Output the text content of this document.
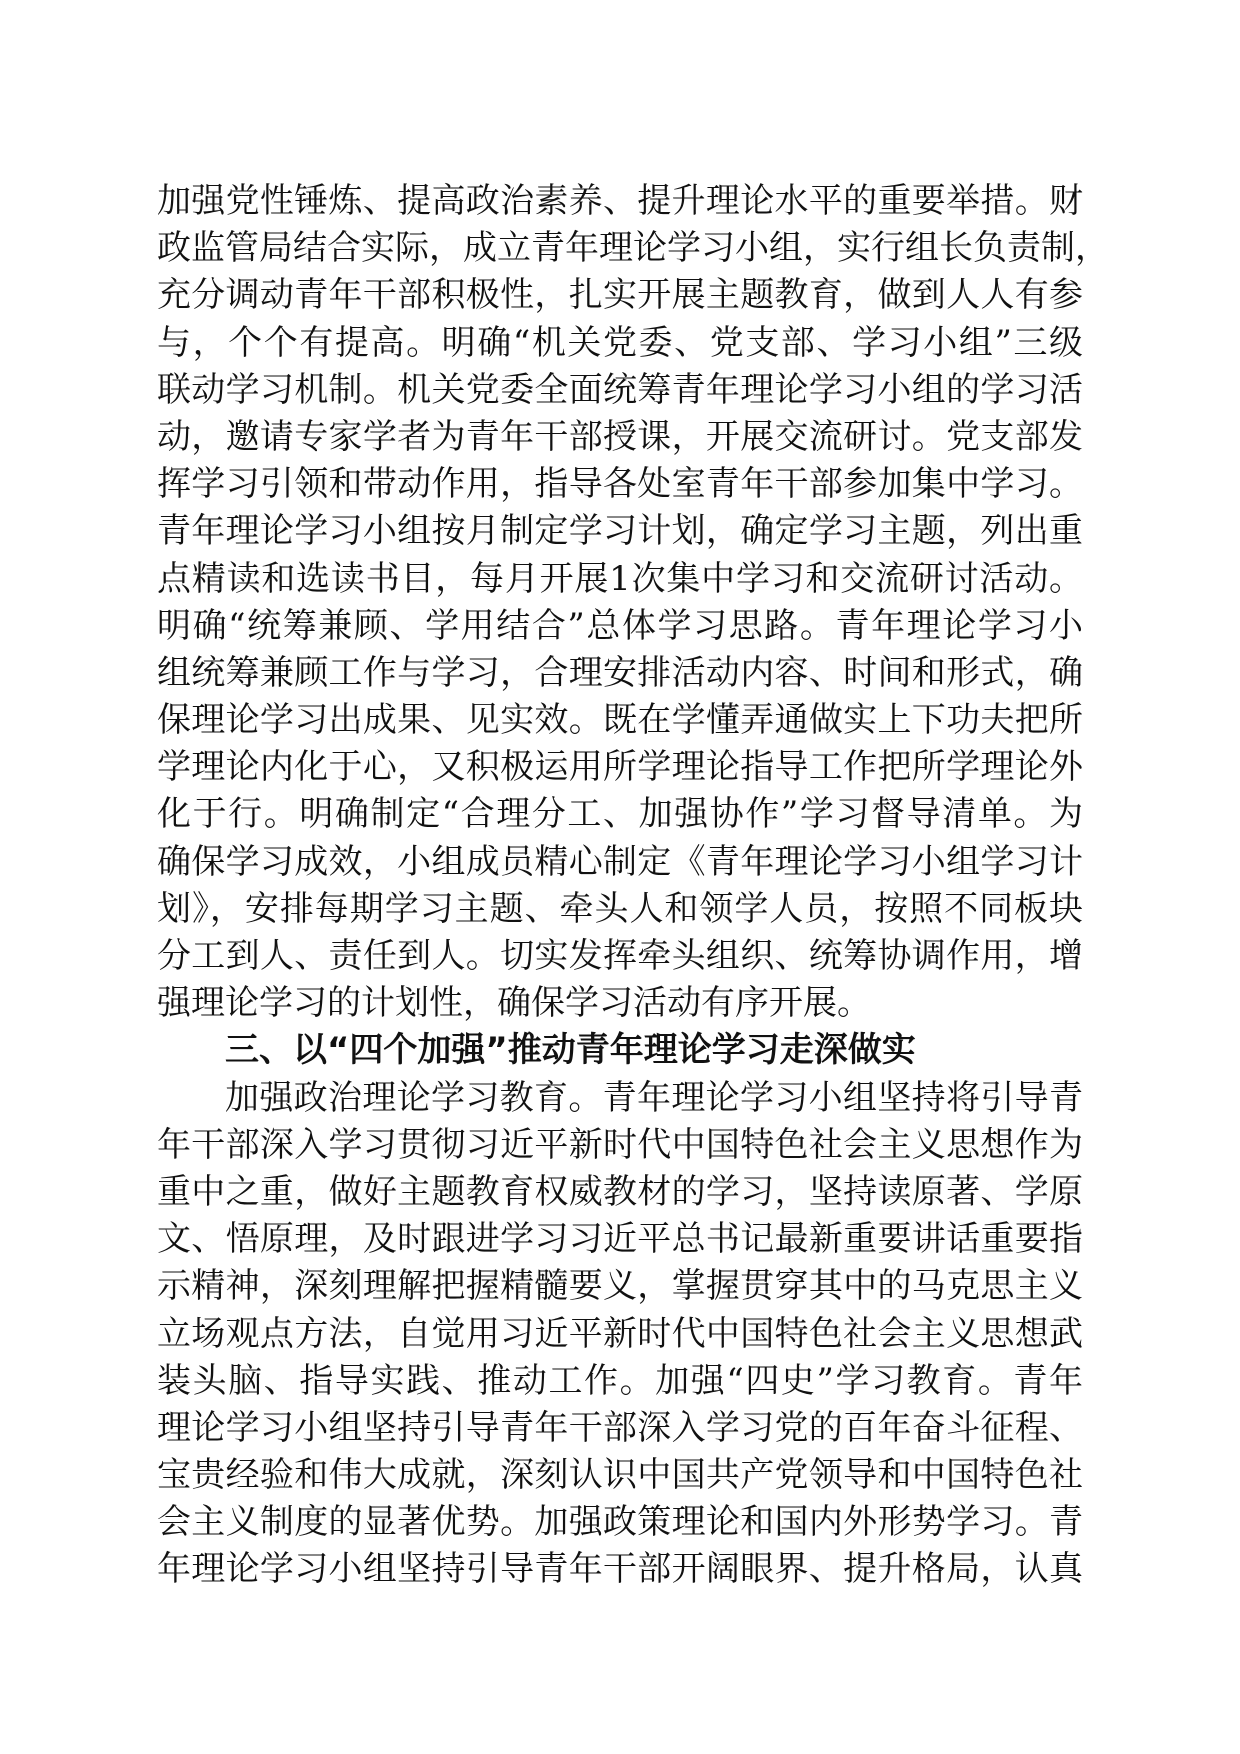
加强党性锤炼、提高政治素养、提升理论水平的重要举措。财
政监管局结合实际，成立青年理论学习小组，实行组长负责制，
充分调动青年干部积极性，扎实开展主题教育，做到人人有参
与，个个有提高。明确“机关党委、党支部、学习小组”三级
联动学习机制。机关党委全面统筹青年理论学习小组的学习活
动，邀请专家学者为青年干部授课，开展交流研讨。党支部发
挥学习引领和带动作用，指导各处室青年干部参加集中学习。
青年理论学习小组按月制定学习计划，确定学习主题，列出重
点精读和选读书目，每月开展1次集中学习和交流研讨活动。
明确“统筹兼顾、学用结合”总体学习思路。青年理论学习小
组统筹兼顾工作与学习，合理安排活动内容、时间和形式，确
保理论学习出成果、见实效。既在学懂弄通做实上下功夫把所
学理论内化于心，又积极运用所学理论指导工作把所学理论外
化于行。明确制定“合理分工、加强协作”学习督导清单。为
确保学习成效，小组成员精心制定《青年理论学习小组学习计
划》，安排每期学习主题、牵头人和领学人员，按照不同板块
分工到人、责任到人。切实发挥牵头组织、统筹协调作用，增
强理论学习的计划性，确保学习活动有序开展。
三、以“四个加强”推动青年理论学习走深做实
加强政治理论学习教育。青年理论学习小组坚持将引导青
年干部深入学习贯彻习近平新时代中国特色社会主义思想作为
重中之重，做好主题教育权威教材的学习，坚持读原著、学原
文、悟原理，及时跟进学习习近平总书记最新重要讲话重要指
示精神，深刻理解把握精髓要义，掌握贯穿其中的马克思主义
立场观点方法，自觉用习近平新时代中国特色社会主义思想武
装头脑、指导实践、推动工作。加强“四史”学习教育。青年
理论学习小组坚持引导青年干部深入学习党的百年奋斗征程、
宝贵经验和伟大成就，深刻认识中国共产党领导和中国特色社
会主义制度的显著优势。加强政策理论和国内外形势学习。青
年理论学习小组坚持引导青年干部开阔眼界、提升格局，认真
